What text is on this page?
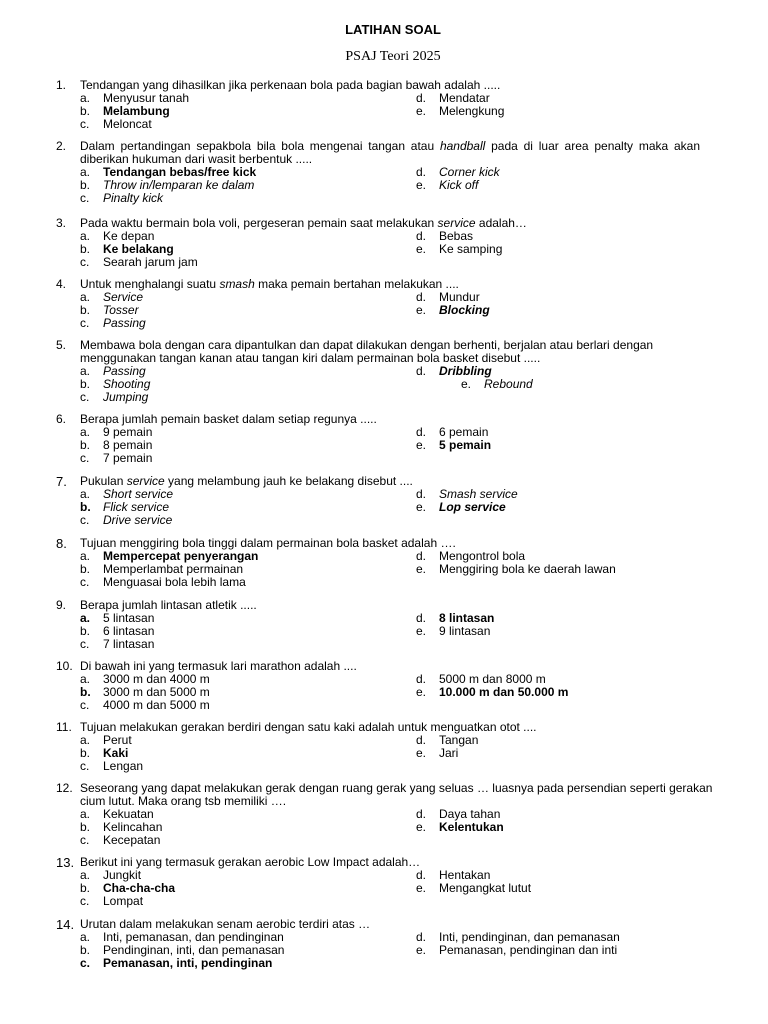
LATIHAN SOAL
PSAJ Teori 2025
1. Tendangan yang dihasilkan jika perkenaan bola pada bagian bawah adalah .....
a. Menyusur tanah
b. Melambung
c. Meloncat
d. Mendatar
e. Melengkung
2. Dalam pertandingan sepakbola bila bola mengenai tangan atau handball pada di luar area penalty maka akan diberikan hukuman dari wasit berbentuk .....
a. Tendangan bebas/free kick
b. Throw in/lemparan ke dalam
c. Pinalty kick
d. Corner kick
e. Kick off
3. Pada waktu bermain bola voli, pergeseran pemain saat melakukan service adalah…
a. Ke depan
b. Ke belakang
c. Searah jarum jam
d. Bebas
e. Ke samping
4. Untuk menghalangi suatu smash maka pemain bertahan melakukan ....
a. Service
b. Tosser
c. Passing
d. Mundur
e. Blocking
5. Membawa bola dengan cara dipantulkan dan dapat dilakukan dengan berhenti, berjalan atau berlari dengan menggunakan tangan kanan atau tangan kiri dalam permainan bola basket disebut .....
a. Passing
b. Shooting
c. Jumping
d. Dribbling
e. Rebound
6. Berapa jumlah pemain basket dalam setiap regunya .....
a. 9 pemain
b. 8 pemain
c. 7 pemain
d. 6 pemain
e. 5 pemain
7. Pukulan service yang melambung jauh ke belakang disebut ....
a. Short service
b. Flick service
c. Drive service
d. Smash service
e. Lop service
8. Tujuan menggiring bola tinggi dalam permainan bola basket adalah ….
a. Mempercepat penyerangan
b. Memperlambat permainan
c. Menguasai bola lebih lama
d. Mengontrol bola
e. Menggiring bola ke daerah lawan
9. Berapa jumlah lintasan atletik .....
a. 5 lintasan
b. 6 lintasan
c. 7 lintasan
d. 8 lintasan
e. 9 lintasan
10. Di bawah ini yang termasuk lari marathon adalah ....
a. 3000 m dan 4000 m
b. 3000 m dan 5000 m
c. 4000 m dan 5000 m
d. 5000 m dan 8000 m
e. 10.000 m dan 50.000 m
11. Tujuan melakukan gerakan berdiri dengan satu kaki adalah untuk menguatkan otot ....
a. Perut
b. Kaki
c. Lengan
d. Tangan
e. Jari
12. Seseorang yang dapat melakukan gerak dengan ruang gerak yang seluas … luasnya pada persendian seperti gerakan cium lutut. Maka orang tsb memiliki ….
a. Kekuatan
b. Kelincahan
c. Kecepatan
d. Daya tahan
e. Kelentukan
13. Berikut ini yang termasuk gerakan aerobic Low Impact adalah…
a. Jungkit
b. Cha-cha-cha
c. Lompat
d. Hentakan
e. Mengangkat lutut
14. Urutan dalam melakukan senam aerobic terdiri atas …
a. Inti, pemanasan, dan pendinginan
b. Pendinginan, inti, dan pemanasan
c. Pemanasan, inti, pendinginan
d. Inti, pendinginan, dan pemanasan
e. Pemanasan, pendinginan dan inti
